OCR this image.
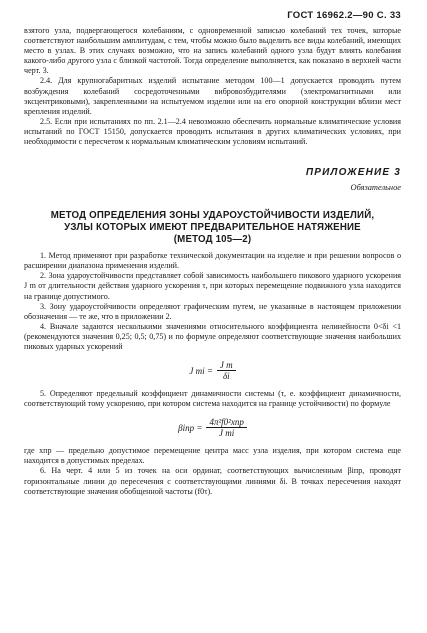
ГОСТ 16962.2—90 С. 33

взятого узла, подвергающегося колебаниям, с одновременной записью колебаний тех точек, которые соответствуют наибольшим амплитудам, с тем, чтобы можно было выделить все виды колебаний, имеющих место в узлах. В этих случаях возможно, что на запись колебаний одного узла будут влиять колебания какого-либо другого узла с близкой частотой. Тогда определение выполняется, как показано в верхней части черт. 3.

2.4. Для крупногабаритных изделий испытание методом 100—1 допускается проводить путем возбуждения колебаний сосредоточенными вибровозбудителями (электромагнитными или эксцентриковыми), закрепленными на испытуемом изделии или на его опорной конструкции вблизи мест крепления изделий.

2.5. Если при испытаниях по пп. 2.1—2.4 невозможно обеспечить нормальные климатические условия испытаний по ГОСТ 15150, допускается проводить испытания в других климатических условиях, при необходимости с пересчетом к нормальным климатическим условиям испытаний.

ПРИЛОЖЕНИЕ 3
Обязательное
МЕТОД ОПРЕДЕЛЕНИЯ ЗОНЫ УДАРОУСТОЙЧИВОСТИ ИЗДЕЛИЙ,
УЗЛЫ КОТОРЫХ ИМЕЮТ ПРЕДВАРИТЕЛЬНОЕ НАТЯЖЕНИЕ
(МЕТОД 105—2)

1. Метод применяют при разработке технической документации на изделие и при решении вопросов о расширении диапазона применения изделий.

2. Зона удароустойчивости представляет собой зависимость наибольшего пикового ударного ускорения J m от длительности действия ударного ускорения τ, при которых перемещение подвижного узла находится на границе допустимого.

3. Зону удароустойчивости определяют графическим путем, не указанные в настоящем приложении обозначения — те же, что в приложении 2.

4. Вначале задаются несколькими значениями относительного коэффициента нелинейности 0<δi <1 (рекомендуются значения 0,25; 0,5; 0,75) и по формуле определяют соответствующие значения наибольших пиковых ударных ускорений

J mi = $\frac{\text{J m}}{\delta i}$

5. Определяют предельный коэффициент динамичности системы (τ, е. коэффициент динамичности, соответствующий тому ускорению, при котором система находится на границе устойчивости) по формуле

$\beta iпр = \frac{\text{4π²f0²xпр}}{\text{J mi}}$

где xпр — предельно допустимое перемещение центра масс узла изделия, при котором система еще находится в допустимых пределах.

6. На черт. 4 или 5 из точек на оси ординат, соответствующих вычисленным βiпр, проводят горизонтальные линии до пересечения с соответствующими линиями δi. В точках пересечения находят соответствующие значения обобщенной частоты (f0τ).
